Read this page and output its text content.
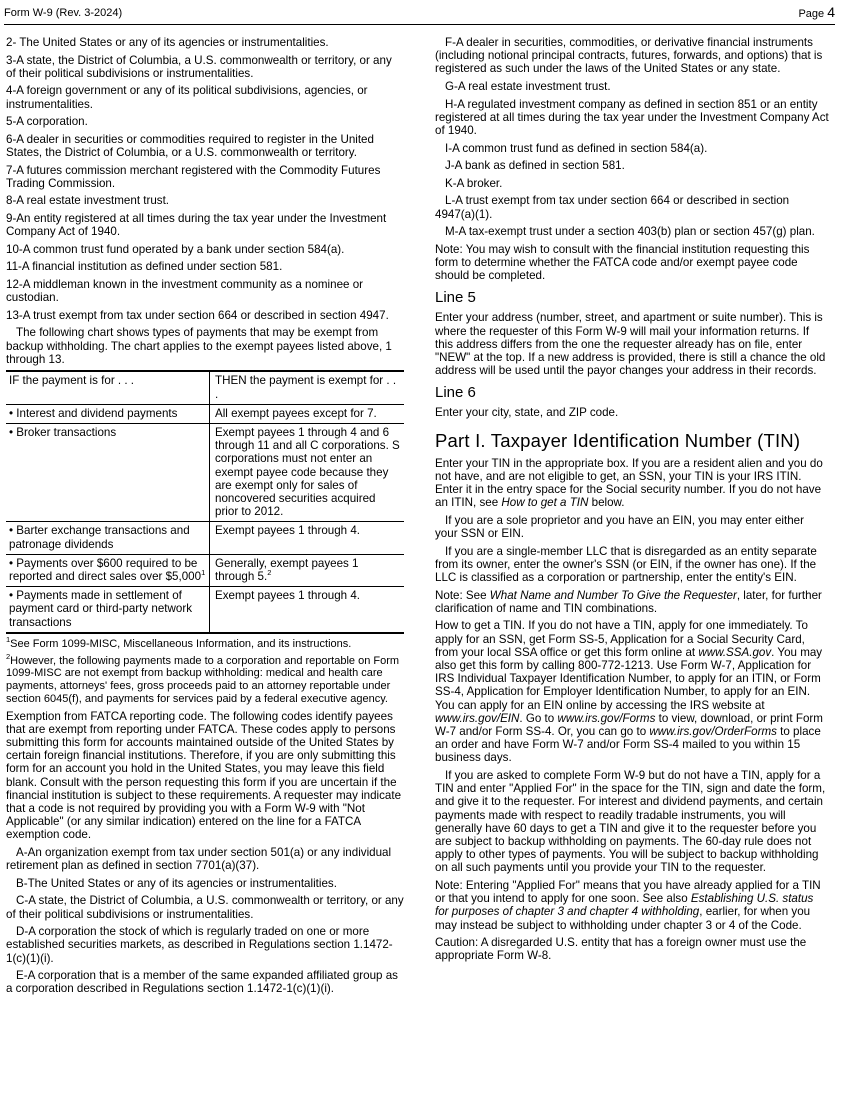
Form W-9 (Rev. 3-2024)	Page 4

2- The United States or any of its agencies or instrumentalities.

3-A state, the District of Columbia, a U.S. commonwealth or territory, or any of their political subdivisions or instrumentalities.

4-A foreign government or any of its political subdivisions, agencies, or instrumentalities.

5-A corporation.

6-A dealer in securities or commodities required to register in the United States, the District of Columbia, or a U.S. commonwealth or territory.

7-A futures commission merchant registered with the Commodity Futures Trading Commission.

8-A real estate investment trust.

9-An entity registered at all times during the tax year under the Investment Company Act of 1940.

10-A common trust fund operated by a bank under section 584(a).

11-A financial institution as defined under section 581.

12-A middleman known in the investment community as a nominee or custodian.

13-A trust exempt from tax under section 664 or described in section 4947.

The following chart shows types of payments that may be exempt from backup withholding. The chart applies to the exempt payees listed above, 1 through 13.

IF the payment is for . . .	THEN the payment is exempt for . . .
• Interest and dividend payments	All exempt payees except for 7.
• Broker transactions	Exempt payees 1 through 4 and 6 through 11 and all C corporations. S corporations must not enter an exempt payee code because they are exempt only for sales of noncovered securities acquired prior to 2012.
• Barter exchange transactions and patronage dividends	Exempt payees 1 through 4.
• Payments over $600 required to be reported and direct sales over $5,000$^1$	Generally, exempt payees 1 through 5.$^2$
• Payments made in settlement of payment card or third-party network transactions	Exempt payees 1 through 4.

$^1$See Form 1099-MISC, Miscellaneous Information, and its instructions.

$^2$However, the following payments made to a corporation and reportable on Form 1099-MISC are not exempt from backup withholding: medical and health care payments, attorneys' fees, gross proceeds paid to an attorney reportable under section 6045(f), and payments for services paid by a federal executive agency.

Exemption from FATCA reporting code. The following codes identify payees that are exempt from reporting under FATCA. These codes apply to persons submitting this form for accounts maintained outside of the United States by certain foreign financial institutions. Therefore, if you are only submitting this form for an account you hold in the United States, you may leave this field blank. Consult with the person requesting this form if you are uncertain if the financial institution is subject to these requirements. A requester may indicate that a code is not required by providing you with a Form W-9 with "Not Applicable" (or any similar indication) entered on the line for a FATCA exemption code.

A-An organization exempt from tax under section 501(a) or any individual retirement plan as defined in section 7701(a)(37).

B-The United States or any of its agencies or instrumentalities.

C-A state, the District of Columbia, a U.S. commonwealth or territory, or any of their political subdivisions or instrumentalities.

D-A corporation the stock of which is regularly traded on one or more established securities markets, as described in Regulations section 1.1472-1(c)(1)(i).

E-A corporation that is a member of the same expanded affiliated group as a corporation described in Regulations section 1.1472-1(c)(1)(i).

F-A dealer in securities, commodities, or derivative financial instruments (including notional principal contracts, futures, forwards, and options) that is registered as such under the laws of the United States or any state.

G-A real estate investment trust.

H-A regulated investment company as defined in section 851 or an entity registered at all times during the tax year under the Investment Company Act of 1940.

I-A common trust fund as defined in section 584(a).

J-A bank as defined in section 581.

K-A broker.

L-A trust exempt from tax under section 664 or described in section 4947(a)(1).

M-A tax-exempt trust under a section 403(b) plan or section 457(g) plan.

Note: You may wish to consult with the financial institution requesting this form to determine whether the FATCA code and/or exempt payee code should be completed.

Line 5

Enter your address (number, street, and apartment or suite number). This is where the requester of this Form W-9 will mail your information returns. If this address differs from the one the requester already has on file, enter "NEW" at the top. If a new address is provided, there is still a chance the old address will be used until the payor changes your address in their records.

Line 6

Enter your city, state, and ZIP code.

Part I. Taxpayer Identification Number (TIN)

Enter your TIN in the appropriate box. If you are a resident alien and you do not have, and are not eligible to get, an SSN, your TIN is your IRS ITIN. Enter it in the entry space for the Social security number. If you do not have an ITIN, see How to get a TIN below.

If you are a sole proprietor and you have an EIN, you may enter either your SSN or EIN.

If you are a single-member LLC that is disregarded as an entity separate from its owner, enter the owner's SSN (or EIN, if the owner has one). If the LLC is classified as a corporation or partnership, enter the entity's EIN.

Note: See What Name and Number To Give the Requester, later, for further clarification of name and TIN combinations.

How to get a TIN. If you do not have a TIN, apply for one immediately. To apply for an SSN, get Form SS-5, Application for a Social Security Card, from your local SSA office or get this form online at www.SSA.gov. You may also get this form by calling 800-772-1213. Use Form W-7, Application for IRS Individual Taxpayer Identification Number, to apply for an ITIN, or Form SS-4, Application for Employer Identification Number, to apply for an EIN. You can apply for an EIN online by accessing the IRS website at www.irs.gov/EIN. Go to www.irs.gov/Forms to view, download, or print Form W-7 and/or Form SS-4. Or, you can go to www.irs.gov/OrderForms to place an order and have Form W-7 and/or Form SS-4 mailed to you within 15 business days.

If you are asked to complete Form W-9 but do not have a TIN, apply for a TIN and enter "Applied For" in the space for the TIN, sign and date the form, and give it to the requester. For interest and dividend payments, and certain payments made with respect to readily tradable instruments, you will generally have 60 days to get a TIN and give it to the requester before you are subject to backup withholding on payments. The 60-day rule does not apply to other types of payments. You will be subject to backup withholding on all such payments until you provide your TIN to the requester.

Note: Entering "Applied For" means that you have already applied for a TIN or that you intend to apply for one soon. See also Establishing U.S. status for purposes of chapter 3 and chapter 4 withholding, earlier, for when you may instead be subject to withholding under chapter 3 or 4 of the Code.

Caution: A disregarded U.S. entity that has a foreign owner must use the appropriate Form W-8.
